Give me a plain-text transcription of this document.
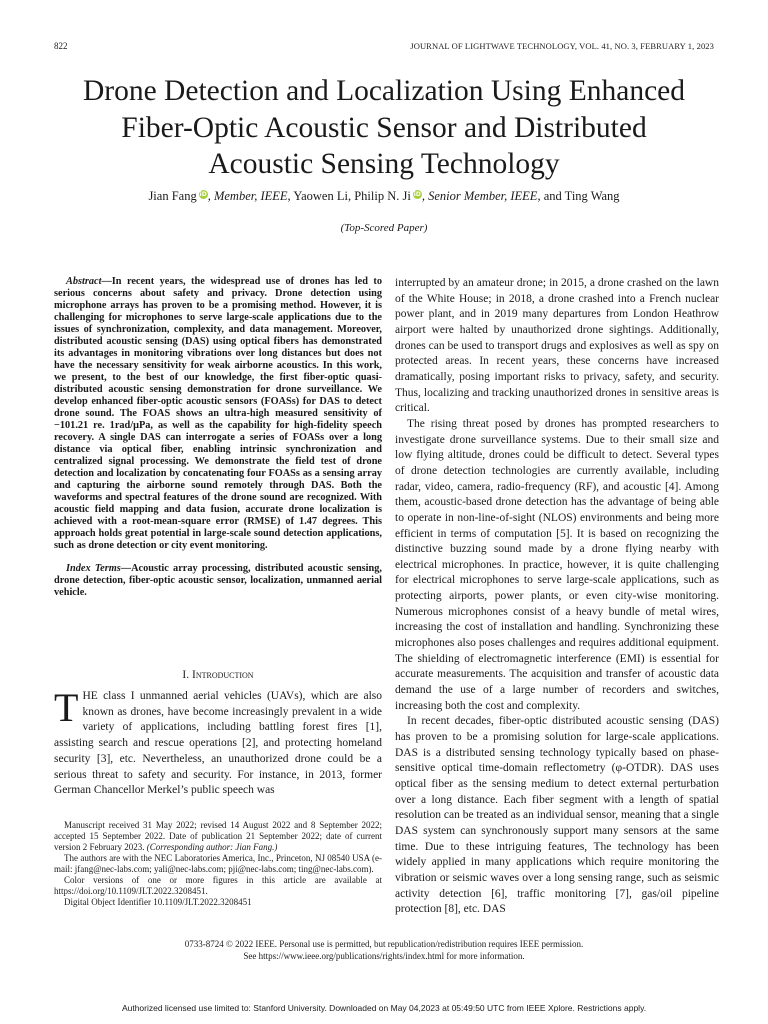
822	JOURNAL OF LIGHTWAVE TECHNOLOGY, VOL. 41, NO. 3, FEBRUARY 1, 2023
Drone Detection and Localization Using Enhanced
Fiber-Optic Acoustic Sensor and Distributed
Acoustic Sensing Technology
Jian Fang iD, Member, IEEE, Yaowen Li, Philip N. Ji iD, Senior Member, IEEE, and Ting Wang
(Top-Scored Paper)

Abstract—In recent years, the widespread use of drones has led to serious concerns about safety and privacy. Drone detection using microphone arrays has proven to be a promising method. However, it is challenging for microphones to serve large-scale applications due to the issues of synchronization, complexity, and data management. Moreover, distributed acoustic sensing (DAS) using optical fibers has demonstrated its advantages in monitoring vibrations over long distances but does not have the necessary sensitivity for weak airborne acoustics. In this work, we present, to the best of our knowledge, the first fiber-optic quasi-distributed acoustic sensing demonstration for drone surveillance. We develop enhanced fiber-optic acoustic sensors (FOASs) for DAS to detect drone sound. The FOAS shows an ultra-high measured sensitivity of −101.21 re. 1rad/μPa, as well as the capability for high-fidelity speech recovery. A single DAS can interrogate a series of FOASs over a long distance via optical fiber, enabling intrinsic synchronization and centralized signal processing. We demonstrate the field test of drone detection and localization by concatenating four FOASs as a sensing array and capturing the airborne sound remotely through DAS. Both the waveforms and spectral features of the drone sound are recognized. With acoustic field mapping and data fusion, accurate drone localization is achieved with a root-mean-square error (RMSE) of 1.47 degrees. This approach holds great potential in large-scale sound detection applications, such as drone detection or city event monitoring.

Index Terms—Acoustic array processing, distributed acoustic sensing, drone detection, fiber-optic acoustic sensor, localization, unmanned aerial vehicle.

I. Introduction

THE class I unmanned aerial vehicles (UAVs), which are also known as drones, have become increasingly prevalent in a wide variety of applications, including battling forest fires [1], assisting search and rescue operations [2], and protecting homeland security [3], etc. Nevertheless, an unauthorized drone could be a serious threat to safety and security. For instance, in 2013, former German Chancellor Merkel’s public speech was

Manuscript received 31 May 2022; revised 14 August 2022 and 8 September 2022; accepted 15 September 2022. Date of publication 21 September 2022; date of current version 2 February 2023. (Corresponding author: Jian Fang.)

The authors are with the NEC Laboratories America, Inc., Princeton, NJ 08540 USA (e-mail: jfang@nec-labs.com; yali@nec-labs.com; pji@nec-labs.com; ting@nec-labs.com).

Color versions of one or more figures in this article are available at https://doi.org/10.1109/JLT.2022.3208451.

Digital Object Identifier 10.1109/JLT.2022.3208451

interrupted by an amateur drone; in 2015, a drone crashed on the lawn of the White House; in 2018, a drone crashed into a French nuclear power plant, and in 2019 many departures from London Heathrow airport were halted by unauthorized drone sightings. Additionally, drones can be used to transport drugs and explosives as well as spy on protected areas. In recent years, these concerns have increased dramatically, posing important risks to privacy, safety, and security. Thus, localizing and tracking unauthorized drones in sensitive areas is critical.

The rising threat posed by drones has prompted researchers to investigate drone surveillance systems. Due to their small size and low flying altitude, drones could be difficult to detect. Several types of drone detection technologies are currently available, including radar, video, camera, radio-frequency (RF), and acoustic [4]. Among them, acoustic-based drone detection has the advantage of being able to operate in non-line-of-sight (NLOS) environments and being more efficient in terms of computation [5]. It is based on recognizing the distinctive buzzing sound made by a drone flying nearby with electrical microphones. In practice, however, it is quite challenging for electrical microphones to serve large-scale applications, such as protecting airports, power plants, or even city-wise monitoring. Numerous microphones consist of a heavy bundle of metal wires, increasing the cost of installation and handling. Synchronizing these microphones also poses challenges and requires additional equipment. The shielding of electromagnetic interference (EMI) is essential for accurate measurements. The acquisition and transfer of acoustic data demand the use of a large number of recorders and switches, increasing both the cost and complexity.

In recent decades, fiber-optic distributed acoustic sensing (DAS) has proven to be a promising solution for large-scale applications. DAS is a distributed sensing technology typically based on phase-sensitive optical time-domain reflectometry (φ-OTDR). DAS uses optical fiber as the sensing medium to detect external perturbation over a long distance. Each fiber segment with a length of spatial resolution can be treated as an individual sensor, meaning that a single DAS system can synchronously support many sensors at the same time. Due to these intriguing features, The technology has been widely applied in many applications which require monitoring the vibration or seismic waves over a long sensing range, such as seismic activity detection [6], traffic monitoring [7], gas/oil pipeline protection [8], etc. DAS

0733-8724 © 2022 IEEE. Personal use is permitted, but republication/redistribution requires IEEE permission.
See https://www.ieee.org/publications/rights/index.html for more information.
Authorized licensed use limited to: Stanford University. Downloaded on May 04,2023 at 05:49:50 UTC from IEEE Xplore. Restrictions apply.
